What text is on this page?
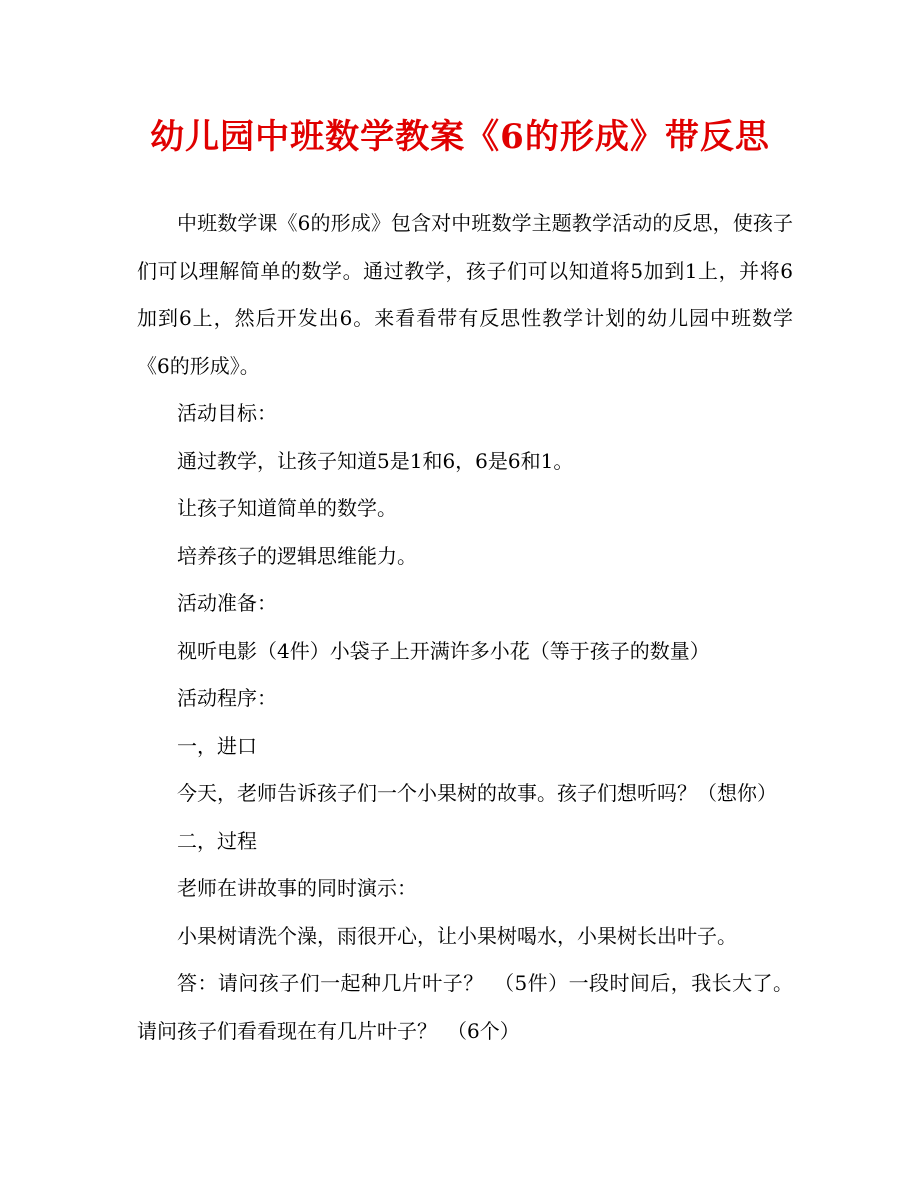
幼儿园中班数学教案《6的形成》带反思

中班数学课《6的形成》包含对中班数学主题教学活动的反思，使孩子们可以理解简单的数学。通过教学，孩子们可以知道将5加到1上，并将6加到6上，然后开发出6。来看看带有反思性教学计划的幼儿园中班数学《6的形成》。

活动目标：

通过教学，让孩子知道5是1和6，6是6和1。

让孩子知道简单的数学。

培养孩子的逻辑思维能力。

活动准备：

视听电影（4件）小袋子上开满许多小花（等于孩子的数量）

活动程序：

一，进口

今天，老师告诉孩子们一个小果树的故事。孩子们想听吗？（想你）

二，过程

老师在讲故事的同时演示：

小果树请洗个澡，雨很开心，让小果树喝水，小果树长出叶子。

答：请问孩子们一起种几片叶子？　（5件）一段时间后，我长大了。请问孩子们看看现在有几片叶子？　（6个）
